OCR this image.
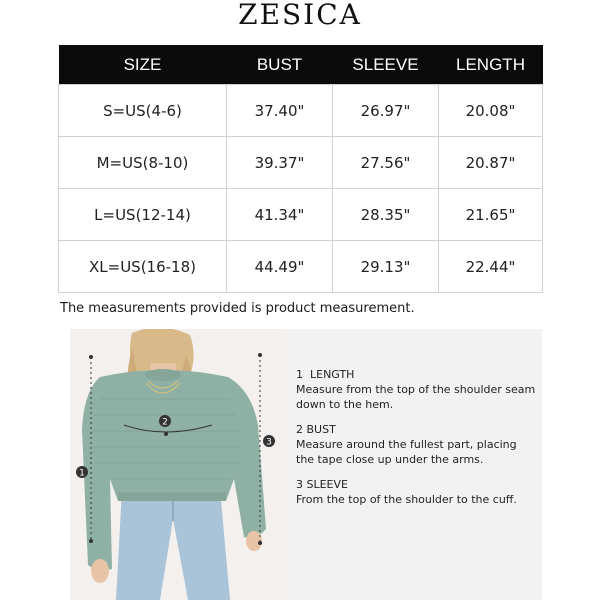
ZESICA
SIZE	BUST	SLEEVE	LENGTH
S=US(4-6)	37.40"	26.97"	20.08"
M=US(8-10)	39.37"	27.56"	20.87"
L=US(12-14)	41.34"	28.35"	21.65"
XL=US(16-18)	44.49"	29.13"	22.44"
The measurements provided is product measurement.
2
1
3
1 LENGTH
Measure from the top of the shoulder seam down to the hem.
2 BUST
Measure around the fullest part, placing the tape close up under the arms.
3 SLEEVE
From the top of the shoulder to the cuff.
